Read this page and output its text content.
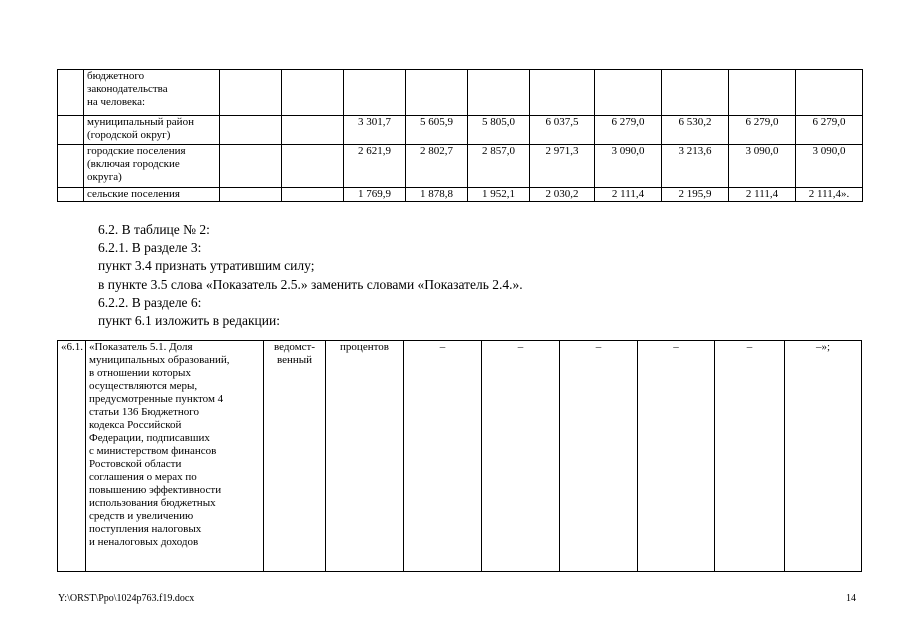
	бюджетного
законодательства
на человека:										

	муниципальный район
(городской округ)			3 301,7	5 605,9	5 805,0	6 037,5	6 279,0	6 530,2	6 279,0	6 279,0

	городские поселения
(включая городские
округа)			2 621,9	2 802,7	2 857,0	2 971,3	3 090,0	3 213,6	3 090,0	3 090,0

	сельские поселения			1 769,9	1 878,8	1 952,1	2 030,2	2 111,4	2 195,9	2 111,4	2 111,4».
6.2. В таблице № 2:
6.2.1. В разделе 3:
пункт 3.4 признать утратившим силу;
в пункте 3.5 слова «Показатель 2.5.» заменить словами «Показатель 2.4.».
6.2.2. В разделе 6:
пункт 6.1 изложить в редакции:
«6.1.	«Показатель 5.1. Доля
муниципальных образований,
в отношении которых
осуществляются меры,
предусмотренные пунктом 4
статьи 136 Бюджетного
кодекса Российской
Федерации, подписавших
с министерством финансов
Ростовской области
соглашения о мерах по
повышению эффективности
использования бюджетных
средств и увеличению
поступления налоговых
и неналоговых доходов

ведомст-
венный
	процентов	–	–	–	–	–	–»;
Y:\ORST\Ppo\1024p763.f19.docx	14
